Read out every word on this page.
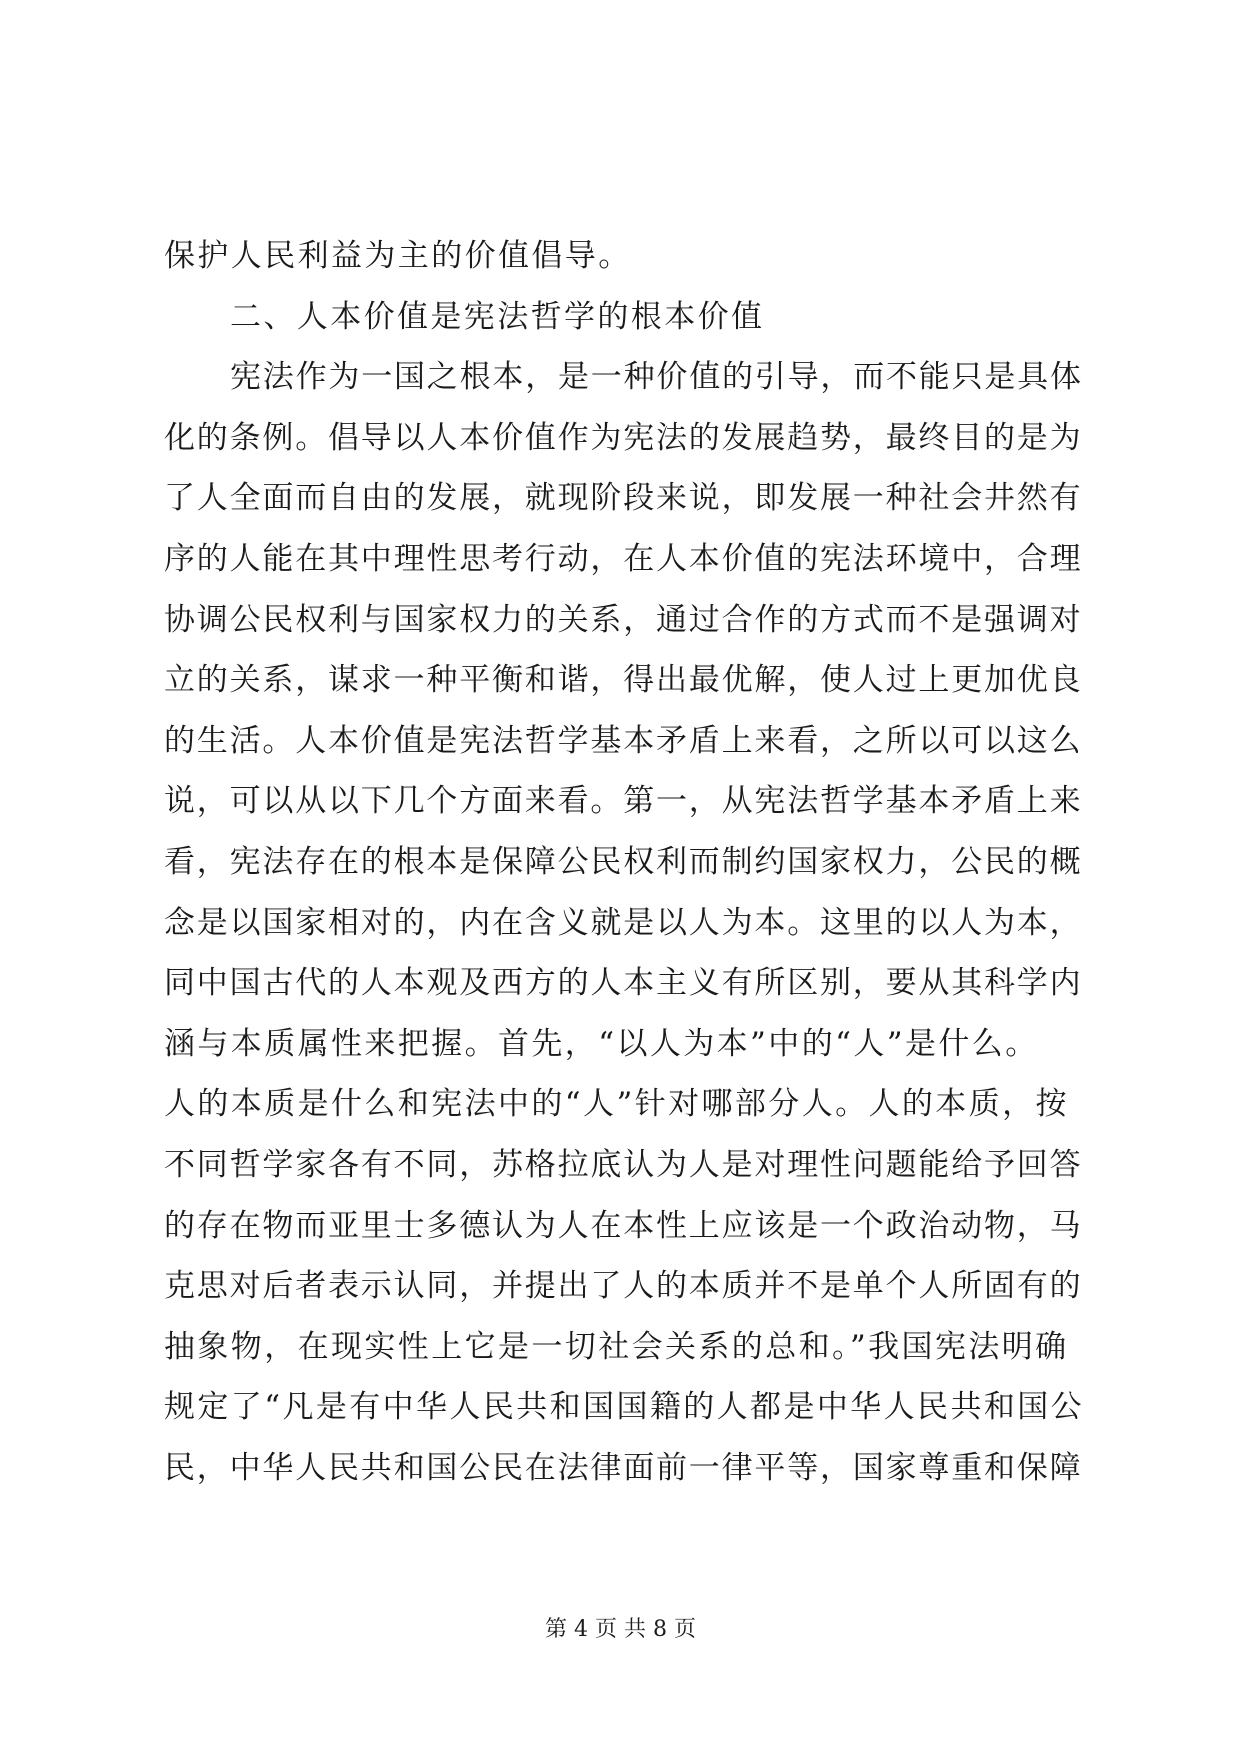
保护人民利益为主的价值倡导。
二、人本价值是宪法哲学的根本价值
宪法作为一国之根本，是一种价值的引导，而不能只是具体
化的条例。倡导以人本价值作为宪法的发展趋势，最终目的是为
了人全面而自由的发展，就现阶段来说，即发展一种社会井然有
序的人能在其中理性思考行动，在人本价值的宪法环境中，合理
协调公民权利与国家权力的关系，通过合作的方式而不是强调对
立的关系，谋求一种平衡和谐，得出最优解，使人过上更加优良
的生活。人本价值是宪法哲学基本矛盾上来看，之所以可以这么
说，可以从以下几个方面来看。第一，从宪法哲学基本矛盾上来
看，宪法存在的根本是保障公民权利而制约国家权力，公民的概
念是以国家相对的，内在含义就是以人为本。这里的以人为本，
同中国古代的人本观及西方的人本主义有所区别，要从其科学内
涵与本质属性来把握。首先，“以人为本”中的“人”是什么。
人的本质是什么和宪法中的“人”针对哪部分人。人的本质，按
不同哲学家各有不同，苏格拉底认为人是对理性问题能给予回答
的存在物而亚里士多德认为人在本性上应该是一个政治动物，马
克思对后者表示认同，并提出了人的本质并不是单个人所固有的
抽象物，在现实性上它是一切社会关系的总和。”我国宪法明确
规定了“凡是有中华人民共和国国籍的人都是中华人民共和国公
民，中华人民共和国公民在法律面前一律平等，国家尊重和保障
第 4 页 共 8 页
